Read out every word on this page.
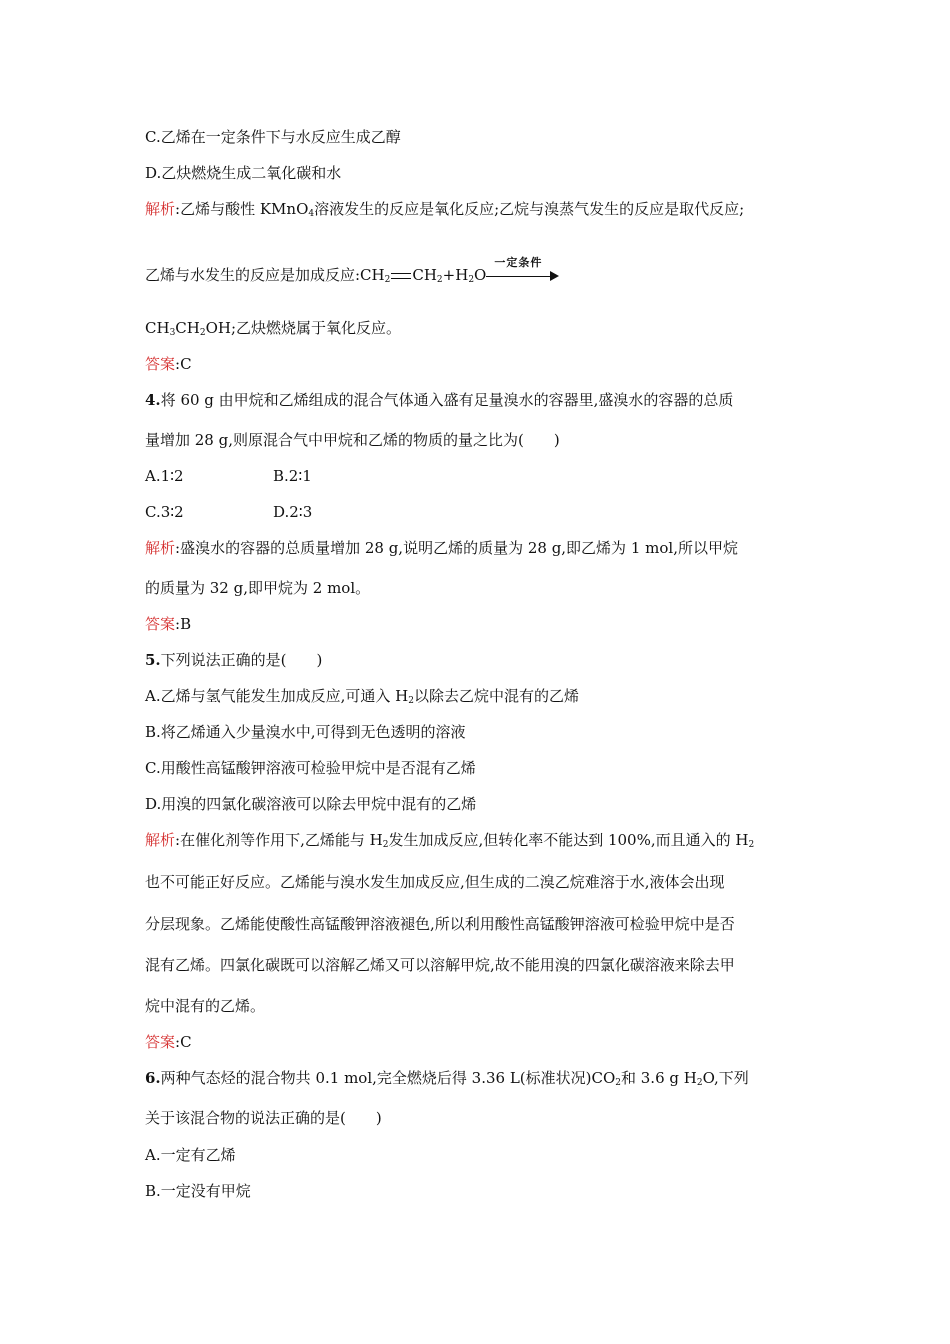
C.乙烯在一定条件下与水反应生成乙醇
D.乙炔燃烧生成二氧化碳和水
解析:乙烯与酸性 KMnO$_4$溶液发生的反应是氧化反应;乙烷与溴蒸气发生的反应是取代反应;
乙烯与水发生的反应是加成反应$:CH_2$ $CH_2+H_2O$
一定条件
$CH_3CH_2OH$;乙炔燃烧属于氧化反应。
答案:C
4.将 60 g 由甲烷和乙烯组成的混合气体通入盛有足量溴水的容器里,盛溴水的容器的总质
量增加 28 g,则原混合气中甲烷和乙烯的物质的量之比为(　　)
A.1∶2	B.2∶1
C.3∶2	D.2∶3
解析:盛溴水的容器的总质量增加 28 g,说明乙烯的质量为 28 g,即乙烯为 1 mol,所以甲烷
的质量为 32 g,即甲烷为 2 mol。
答案:B
5.下列说法正确的是(　　)
A.乙烯与氢气能发生加成反应,可通入 $H_2$以除去乙烷中混有的乙烯
B.将乙烯通入少量溴水中,可得到无色透明的溶液
C.用酸性高锰酸钾溶液可检验甲烷中是否混有乙烯
D.用溴的四氯化碳溶液可以除去甲烷中混有的乙烯
解析:在催化剂等作用下,乙烯能与 $H_2$发生加成反应,但转化率不能达到 100%,而且通入的 $H_2$
也不可能正好反应。乙烯能与溴水发生加成反应,但生成的二溴乙烷难溶于水,液体会出现
分层现象。乙烯能使酸性高锰酸钾溶液褪色,所以利用酸性高锰酸钾溶液可检验甲烷中是否
混有乙烯。四氯化碳既可以溶解乙烯又可以溶解甲烷,故不能用溴的四氯化碳溶液来除去甲
烷中混有的乙烯。
答案:C
6.两种气态烃的混合物共 0.1 mol,完全燃烧后得 3.36 L(标准状况)$CO_2$和 3.6 g $H_2O$,下列
关于该混合物的说法正确的是(　　)
A.一定有乙烯
B.一定没有甲烷
